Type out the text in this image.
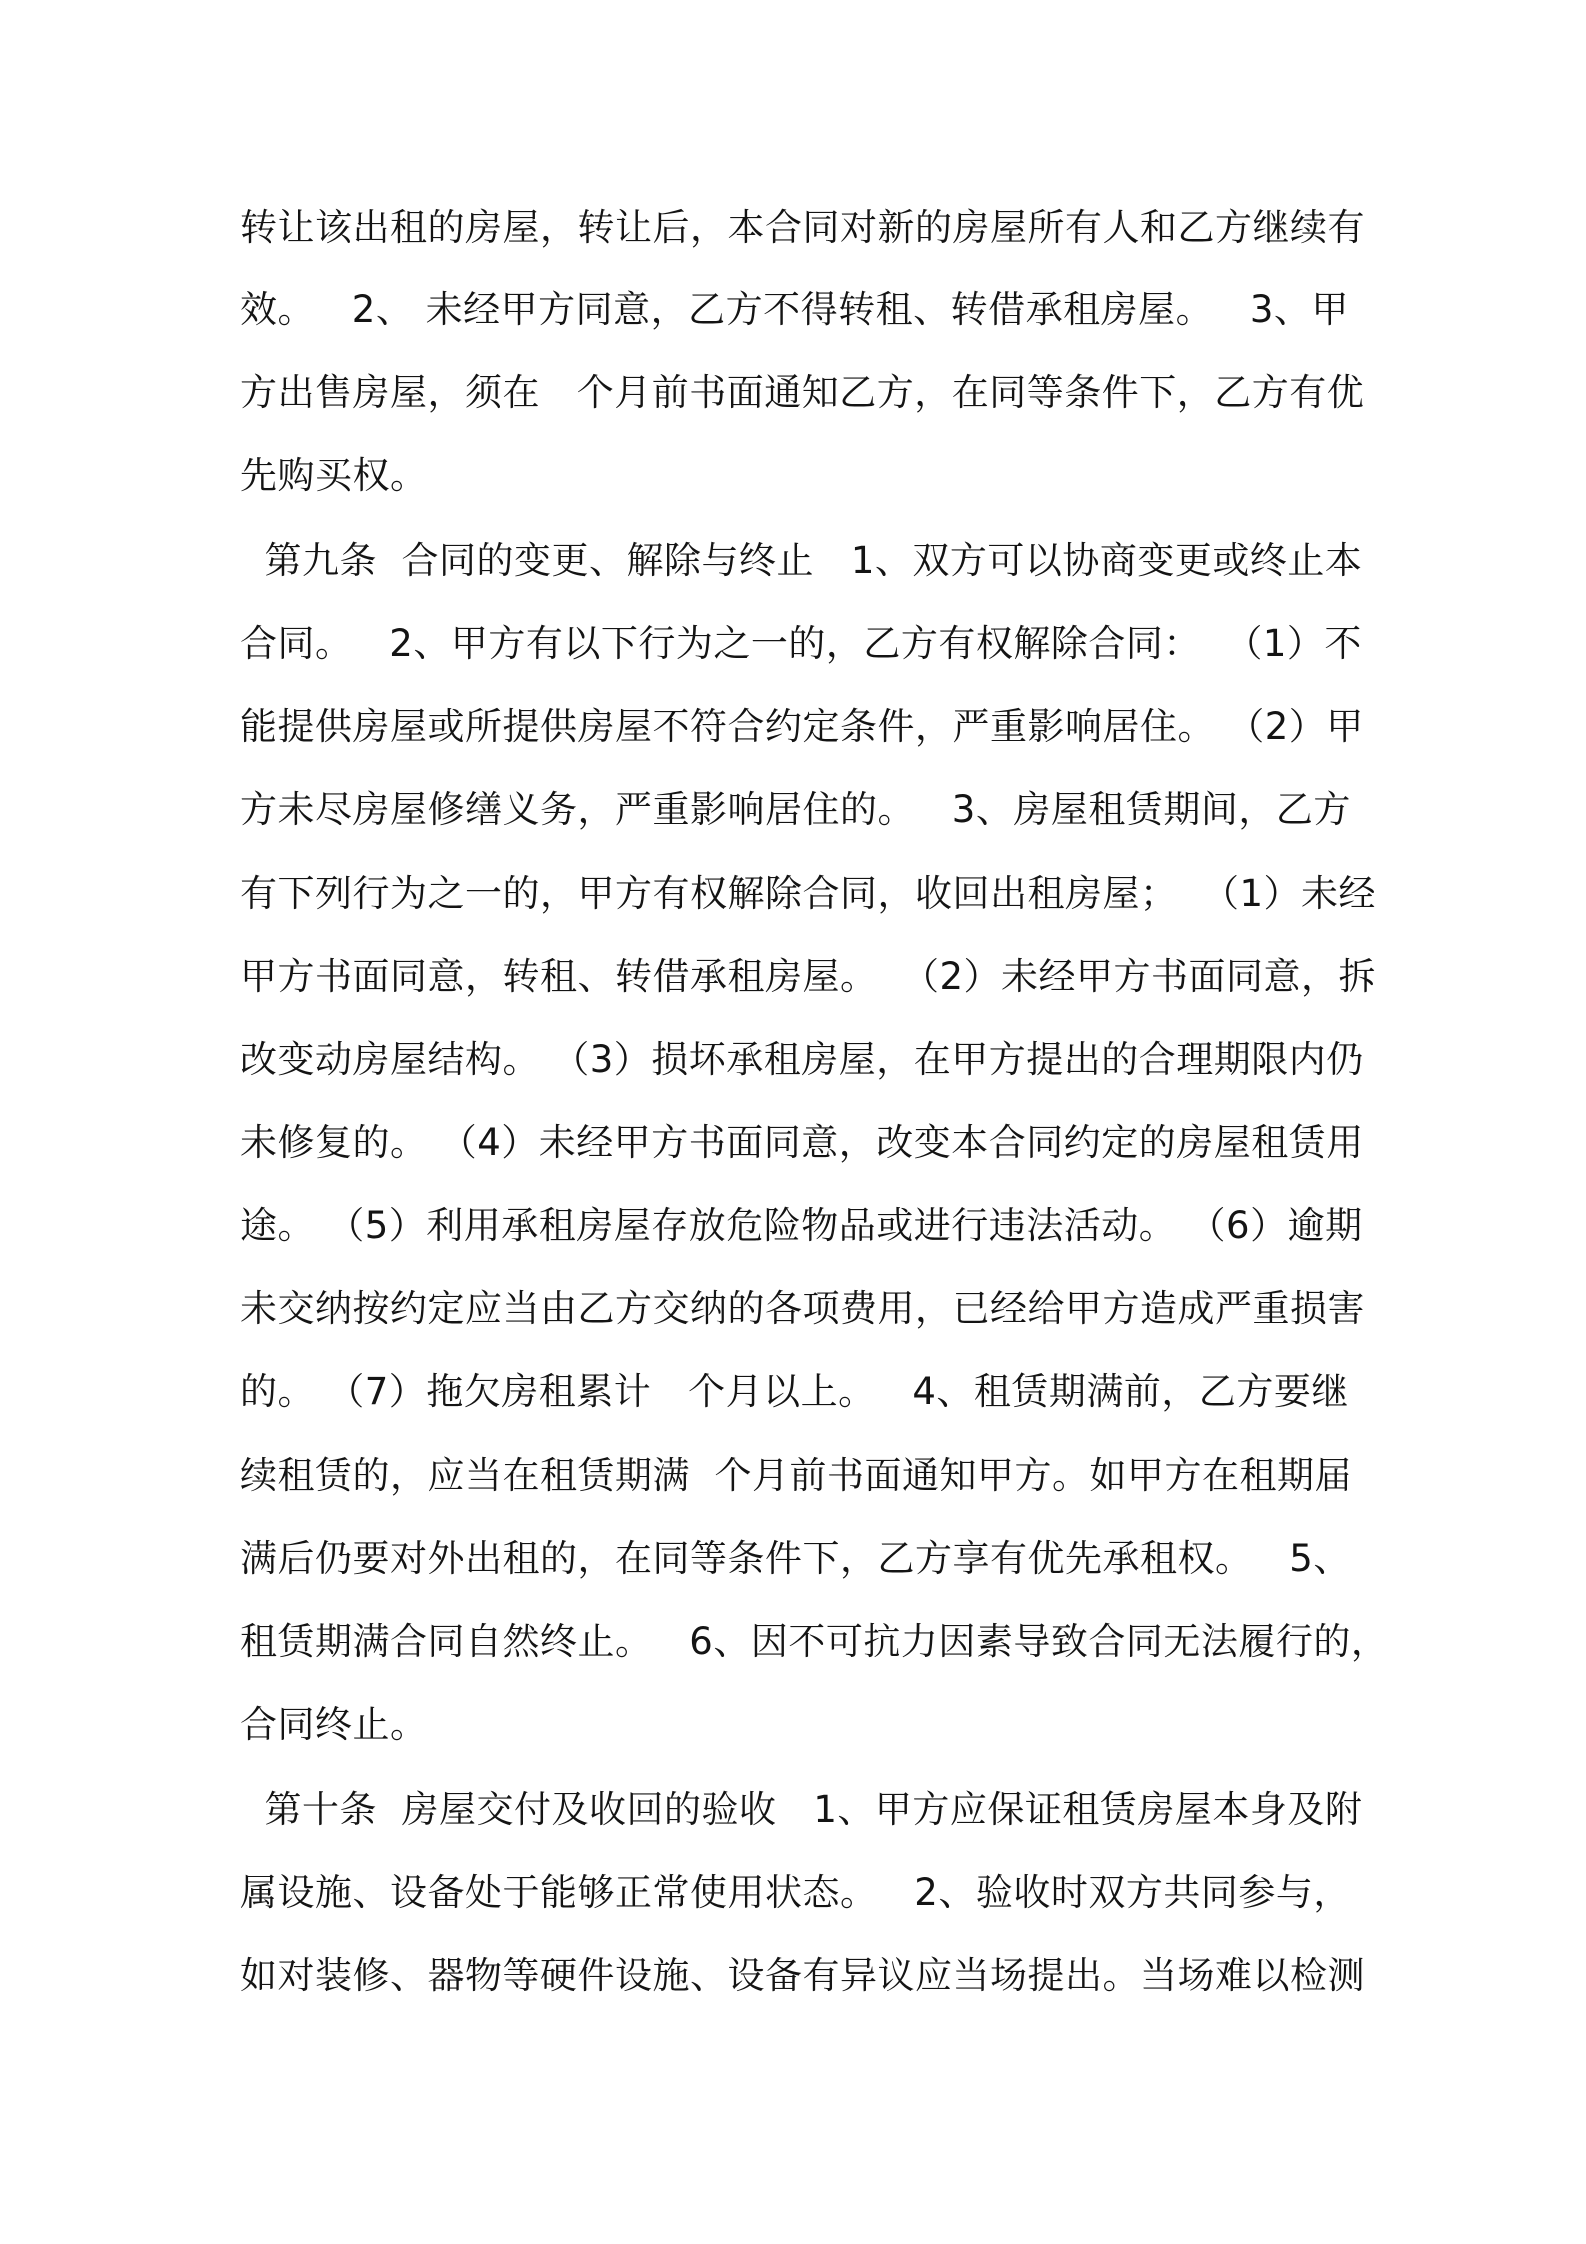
转让该出租的房屋，转让后，本合同对新的房屋所有人和乙方继续有
效。   2、 未经甲方同意，乙方不得转租、转借承租房屋。   3、甲
方出售房屋，须在   个月前书面通知乙方，在同等条件下，乙方有优
先购买权。
第九条  合同的变更、解除与终止   1、双方可以协商变更或终止本
合同。   2、甲方有以下行为之一的，乙方有权解除合同：  （1）不
能提供房屋或所提供房屋不符合约定条件，严重影响居住。 （2）甲
方未尽房屋修缮义务，严重影响居住的。   3、房屋租赁期间，乙方
有下列行为之一的，甲方有权解除合同，收回出租房屋；  （1）未经
甲方书面同意，转租、转借承租房屋。  （2）未经甲方书面同意，拆
改变动房屋结构。 （3）损坏承租房屋，在甲方提出的合理期限内仍
未修复的。 （4）未经甲方书面同意，改变本合同约定的房屋租赁用
途。 （5）利用承租房屋存放危险物品或进行违法活动。 （6）逾期
未交纳按约定应当由乙方交纳的各项费用，已经给甲方造成严重损害
的。 （7）拖欠房租累计   个月以上。   4、租赁期满前，乙方要继
续租赁的，应当在租赁期满  个月前书面通知甲方。如甲方在租期届
满后仍要对外出租的，在同等条件下，乙方享有优先承租权。   5、
租赁期满合同自然终止。   6、因不可抗力因素导致合同无法履行的，
合同终止。
第十条  房屋交付及收回的验收   1、甲方应保证租赁房屋本身及附
属设施、设备处于能够正常使用状态。   2、验收时双方共同参与，
如对装修、器物等硬件设施、设备有异议应当场提出。当场难以检测
